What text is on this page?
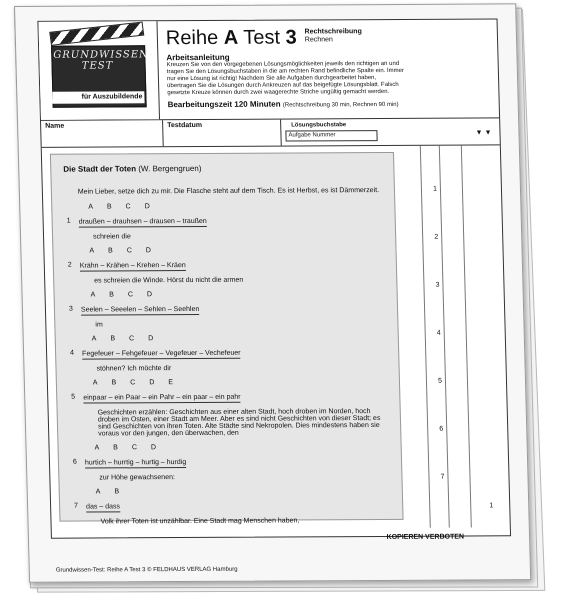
GRUNDWISSEN-TEST
für Auszubildende
Reihe A Test 3 Rechtschreibung
Rechnen
Arbeitsanleitung
Kreuzen Sie von den vorgegebenen Lösungsmöglichkeiten jeweils den richtigen an und tragen Sie den Lösungsbuchstaben in die am rechten Rand befindliche Spalte ein. Immer nur eine Lösung ist richtig! Nachdem Sie alle Aufgaben durchgearbeitet haben, übertragen Sie die Lösungen durch Ankreuzen auf das beigefügte Lösungsblatt. Falsch gesetzte Kreuze können durch zwei waagerechte Striche ungültig gemacht werden.
Bearbeitungszeit 120 Minuten (Rechtschreibung 30 min, Rechnen 90 min)
Name	Testdatum	Lösungsbuchstabe
Aufgabe Nummer	▼▼
Die Stadt der Toten (W. Bergengruen)
Mein Lieber, setze dich zu mir. Die Flasche steht auf dem Tisch. Es ist Herbst, es ist Dämmerzeit.
1
A B C D
draußen – drauhsen – drausen – traußen
schreien die
2
A B C D
Krähn – Krähen – Krehen – Kräen
es schreien die Winde. Hörst du nicht die armen
3
A B C D
Seelen – Seeelen – Sehlen – Seehlen
im
4
A B C D
Fegefeuer – Fehgefeuer – Vegefeuer – Vechefeuer
stöhnen? Ich möchte dir
5
A B C D E
einpaar – ein Paar – ein Pahr – ein paar – ein pahr
Geschichten erzählen: Geschichten aus einer alten Stadt, hoch droben im Norden, hoch droben im Osten, einer Stadt am Meer. Aber es sind nicht Geschichten von dieser Stadt; es sind Geschichten von ihren Toten. Alte Städte sind Nekropolen. Dies mindestens haben sie voraus vor den jungen, den überwachen, den
6
A B C D
hurtich – hurrtig – hurtig – hurdig
zur Höhe gewachsenen:
7
A B
das – dass
Volk ihrer Toten ist unzählbar. Eine Stadt mag Menschen haben,
1
KOPIEREN VERBOTEN
1
2
3
4
5
6
7
Grundwissen-Test: Reihe A Test 3 © FELDHAUS VERLAG Hamburg
